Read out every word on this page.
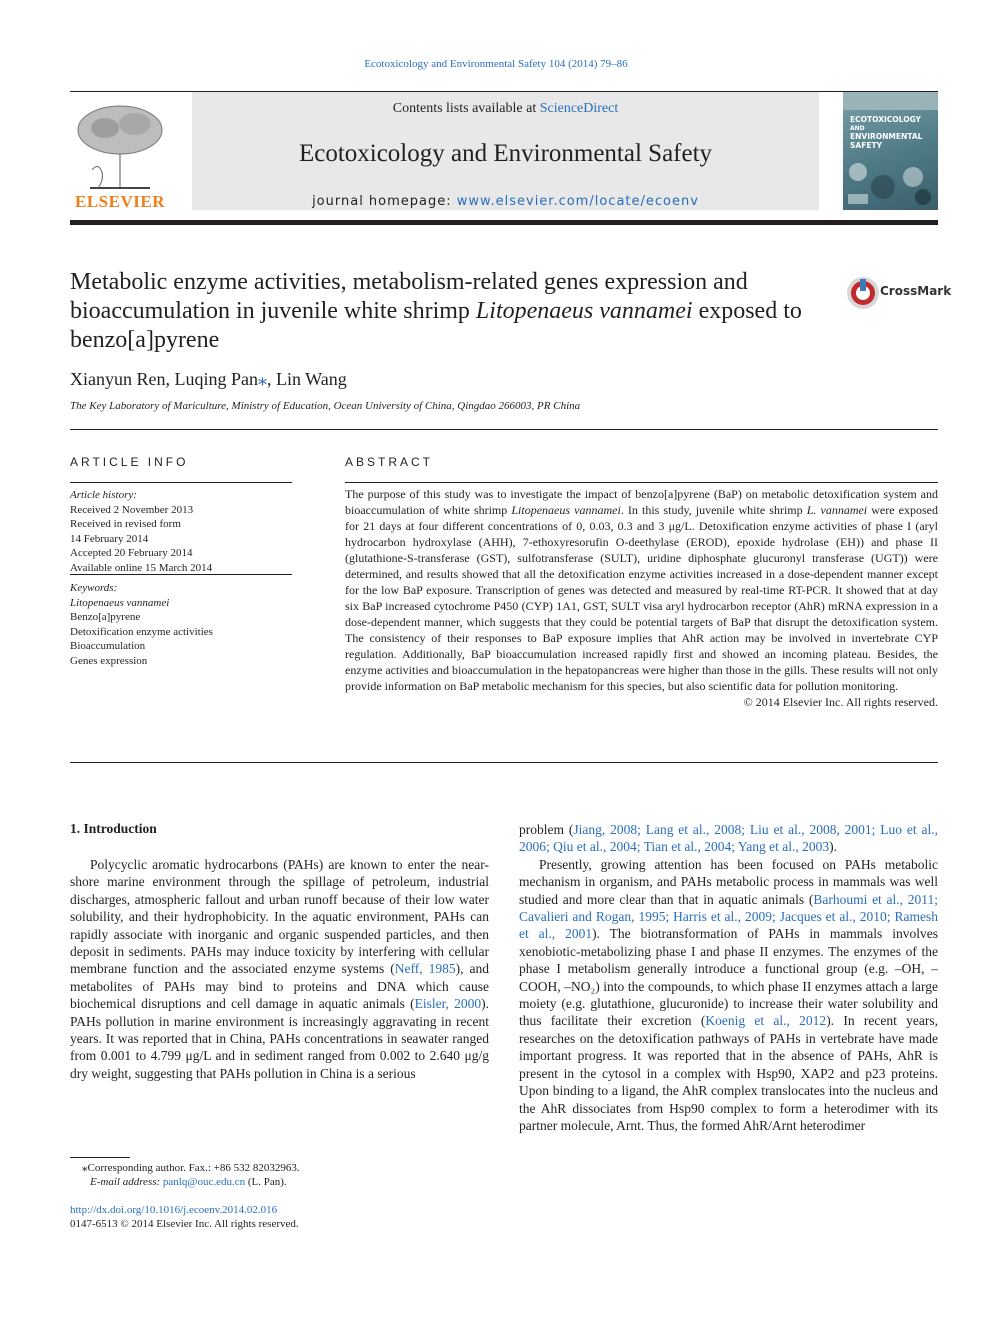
Ecotoxicology and Environmental Safety 104 (2014) 79–86
ELSEVIER
Contents lists available at ScienceDirect
Ecotoxicology and Environmental Safety
journal homepage: www.elsevier.com/locate/ecoenv
ECOTOXICOLOGY
AND
ENVIRONMENTAL
SAFETY
Metabolic enzyme activities, metabolism-related genes expression and bioaccumulation in juvenile white shrimp Litopenaeus vannamei exposed to benzo[a]pyrene
CrossMark
Xianyun Ren, Luqing Pan⁎, Lin Wang
The Key Laboratory of Mariculture, Ministry of Education, Ocean University of China, Qingdao 266003, PR China
ARTICLE INFO
Article history:
Received 2 November 2013
Received in revised form
14 February 2014
Accepted 20 February 2014
Available online 15 March 2014
Keywords:
Litopenaeus vannamei
Benzo[a]pyrene
Detoxification enzyme activities
Bioaccumulation
Genes expression
ABSTRACT
The purpose of this study was to investigate the impact of benzo[a]pyrene (BaP) on metabolic detoxification system and bioaccumulation of white shrimp Litopenaeus vannamei. In this study, juvenile white shrimp L. vannamei were exposed for 21 days at four different concentrations of 0, 0.03, 0.3 and 3 μg/L. Detoxification enzyme activities of phase I (aryl hydrocarbon hydroxylase (AHH), 7-ethoxyresorufin O-deethylase (EROD), epoxide hydrolase (EH)) and phase II (glutathione-S-transferase (GST), sulfotransferase (SULT), uridine diphosphate glucuronyl transferase (UGT)) were determined, and results showed that all the detoxification enzyme activities increased in a dose-dependent manner except for the low BaP exposure. Transcription of genes was detected and measured by real-time RT-PCR. It showed that at day six BaP increased cytochrome P450 (CYP) 1A1, GST, SULT visa aryl hydrocarbon receptor (AhR) mRNA expression in a dose-dependent manner, which suggests that they could be potential targets of BaP that disrupt the detoxification system. The consistency of their responses to BaP exposure implies that AhR action may be involved in invertebrate CYP regulation. Additionally, BaP bioaccumulation increased rapidly first and showed an incoming plateau. Besides, the enzyme activities and bioaccumulation in the hepatopancreas were higher than those in the gills. These results will not only provide information on BaP metabolic mechanism for this species, but also scientific data for pollution monitoring.
© 2014 Elsevier Inc. All rights reserved.
1. Introduction
Polycyclic aromatic hydrocarbons (PAHs) are known to enter the near-shore marine environment through the spillage of petroleum, industrial discharges, atmospheric fallout and urban runoff because of their low water solubility, and their hydrophobicity. In the aquatic environment, PAHs can rapidly associate with inorganic and organic suspended particles, and then deposit in sediments. PAHs may induce toxicity by interfering with cellular membrane function and the associated enzyme systems (Neff, 1985), and metabolites of PAHs may bind to proteins and DNA which cause biochemical disruptions and cell damage in aquatic animals (Eisler, 2000). PAHs pollution in marine environment is increasingly aggravating in recent years. It was reported that in China, PAHs concentrations in seawater ranged from 0.001 to 4.799 μg/L and in sediment ranged from 0.002 to 2.640 μg/g dry weight, suggesting that PAHs pollution in China is a serious
problem (Jiang, 2008; Lang et al., 2008; Liu et al., 2008, 2001; Luo et al., 2006; Qiu et al., 2004; Tian et al., 2004; Yang et al., 2003).
Presently, growing attention has been focused on PAHs metabolic mechanism in organism, and PAHs metabolic process in mammals was well studied and more clear than that in aquatic animals (Barhoumi et al., 2011; Cavalieri and Rogan, 1995; Harris et al., 2009; Jacques et al., 2010; Ramesh et al., 2001). The biotransformation of PAHs in mammals involves xenobiotic-metabolizing phase I and phase II enzymes. The enzymes of the phase I metabolism generally introduce a functional group (e.g. –OH, –COOH, –NO₂) into the compounds, to which phase II enzymes attach a large moiety (e.g. glutathione, glucuronide) to increase their water solubility and thus facilitate their excretion (Koenig et al., 2012). In recent years, researches on the detoxification pathways of PAHs in vertebrate have made important progress. It was reported that in the absence of PAHs, AhR is present in the cytosol in a complex with Hsp90, XAP2 and p23 proteins. Upon binding to a ligand, the AhR complex translocates into the nucleus and the AhR dissociates from Hsp90 complex to form a heterodimer with its partner molecule, Arnt. Thus, the formed AhR/Arnt heterodimer
⁎Corresponding author. Fax.: +86 532 82032963.
E-mail address: panlq@ouc.edu.cn (L. Pan).
http://dx.doi.org/10.1016/j.ecoenv.2014.02.016
0147-6513 © 2014 Elsevier Inc. All rights reserved.
